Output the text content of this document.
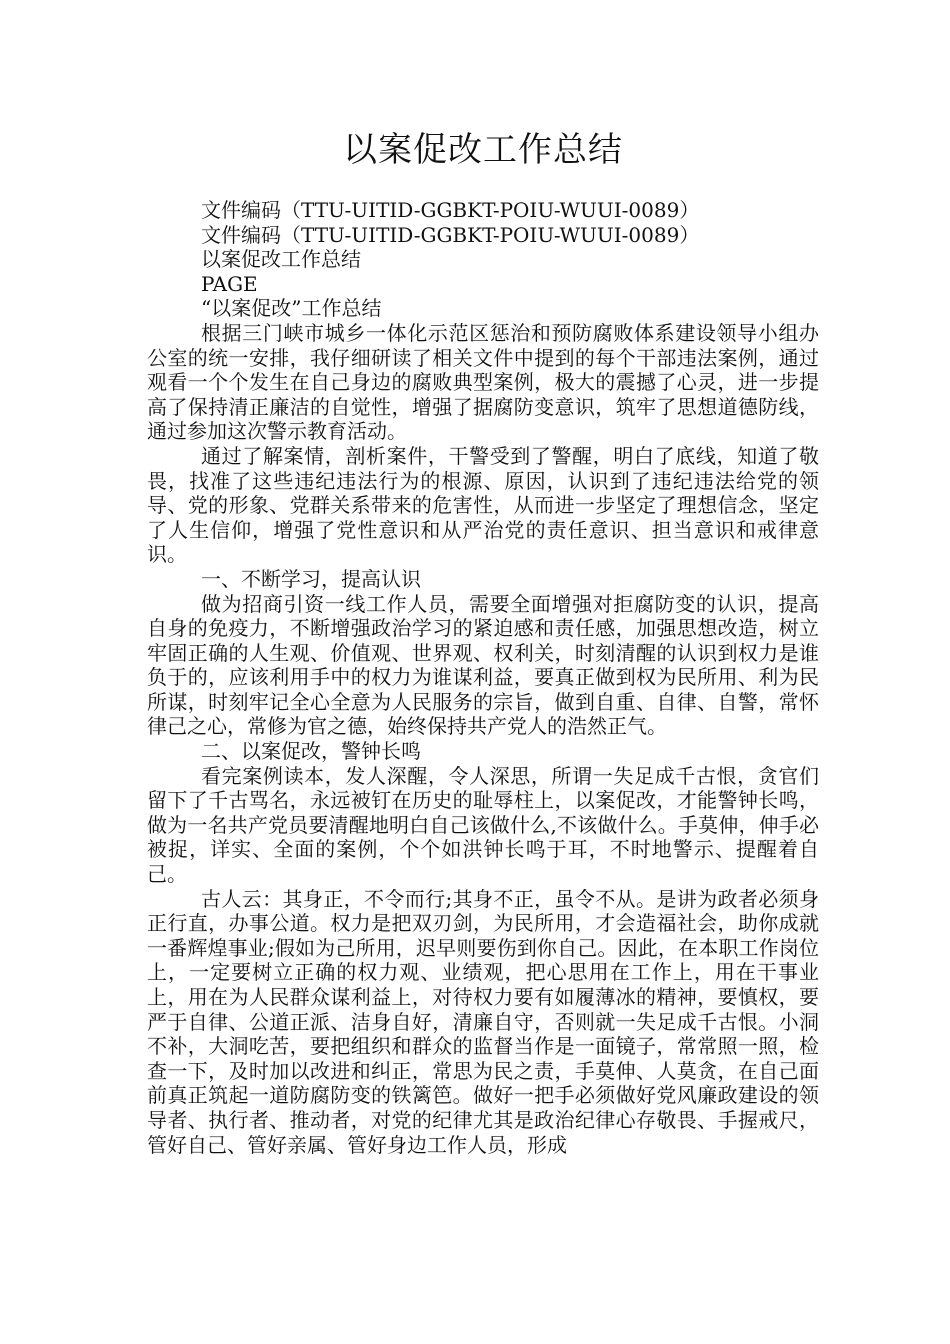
以案促改工作总结

文件编码（TTU-UITID-GGBKT-POIU-WUUI-0089）

文件编码（TTU-UITID-GGBKT-POIU-WUUI-0089）

以案促改工作总结

PAGE

“以案促改”工作总结

根据三门峡市城乡一体化示范区惩治和预防腐败体系建设领导小组办公室的统一安排，我仔细研读了相关文件中提到的每个干部违法案例，通过观看一个个发生在自己身边的腐败典型案例，极大的震撼了心灵，进一步提高了保持清正廉洁的自觉性，增强了据腐防变意识，筑牢了思想道德防线，通过参加这次警示教育活动。

通过了解案情，剖析案件，干警受到了警醒，明白了底线，知道了敬畏，找准了这些违纪违法行为的根源、原因，认识到了违纪违法给党的领导、党的形象、党群关系带来的危害性，从而进一步坚定了理想信念，坚定了人生信仰，增强了党性意识和从严治党的责任意识、担当意识和戒律意识。

一、不断学习，提高认识

做为招商引资一线工作人员，需要全面增强对拒腐防变的认识，提高自身的免疫力，不断增强政治学习的紧迫感和责任感，加强思想改造，树立牢固正确的人生观、价值观、世界观、权利关，时刻清醒的认识到权力是谁负于的，应该利用手中的权力为谁谋利益，要真正做到权为民所用、利为民所谋，时刻牢记全心全意为人民服务的宗旨，做到自重、自律、自警，常怀律己之心，常修为官之德，始终保持共产党人的浩然正气。

二、以案促改，警钟长鸣

看完案例读本，发人深醒，令人深思，所谓一失足成千古恨，贪官们留下了千古骂名，永远被钉在历史的耻辱柱上，以案促改，才能警钟长鸣，做为一名共产党员要清醒地明白自己该做什么,不该做什么。手莫伸，伸手必被捉，详实、全面的案例，个个如洪钟长鸣于耳，不时地警示、提醒着自己。

古人云：其身正，不令而行;其身不正，虽令不从。是讲为政者必须身正行直，办事公道。权力是把双刃剑，为民所用，才会造福社会，助你成就一番辉煌事业;假如为己所用，迟早则要伤到你自己。因此，在本职工作岗位上，一定要树立正确的权力观、业绩观，把心思用在工作上，用在干事业上，用在为人民群众谋利益上，对待权力要有如履薄冰的精神，要慎权，要严于自律、公道正派、洁身自好，清廉自守，否则就一失足成千古恨。小洞不补，大洞吃苦，要把组织和群众的监督当作是一面镜子，常常照一照，检查一下，及时加以改进和纠正，常思为民之责，手莫伸、人莫贪，在自己面前真正筑起一道防腐防变的铁篱笆。做好一把手必须做好党风廉政建设的领导者、执行者、推动者，对党的纪律尤其是政治纪律心存敬畏、手握戒尺，管好自己、管好亲属、管好身边工作人员，形成
